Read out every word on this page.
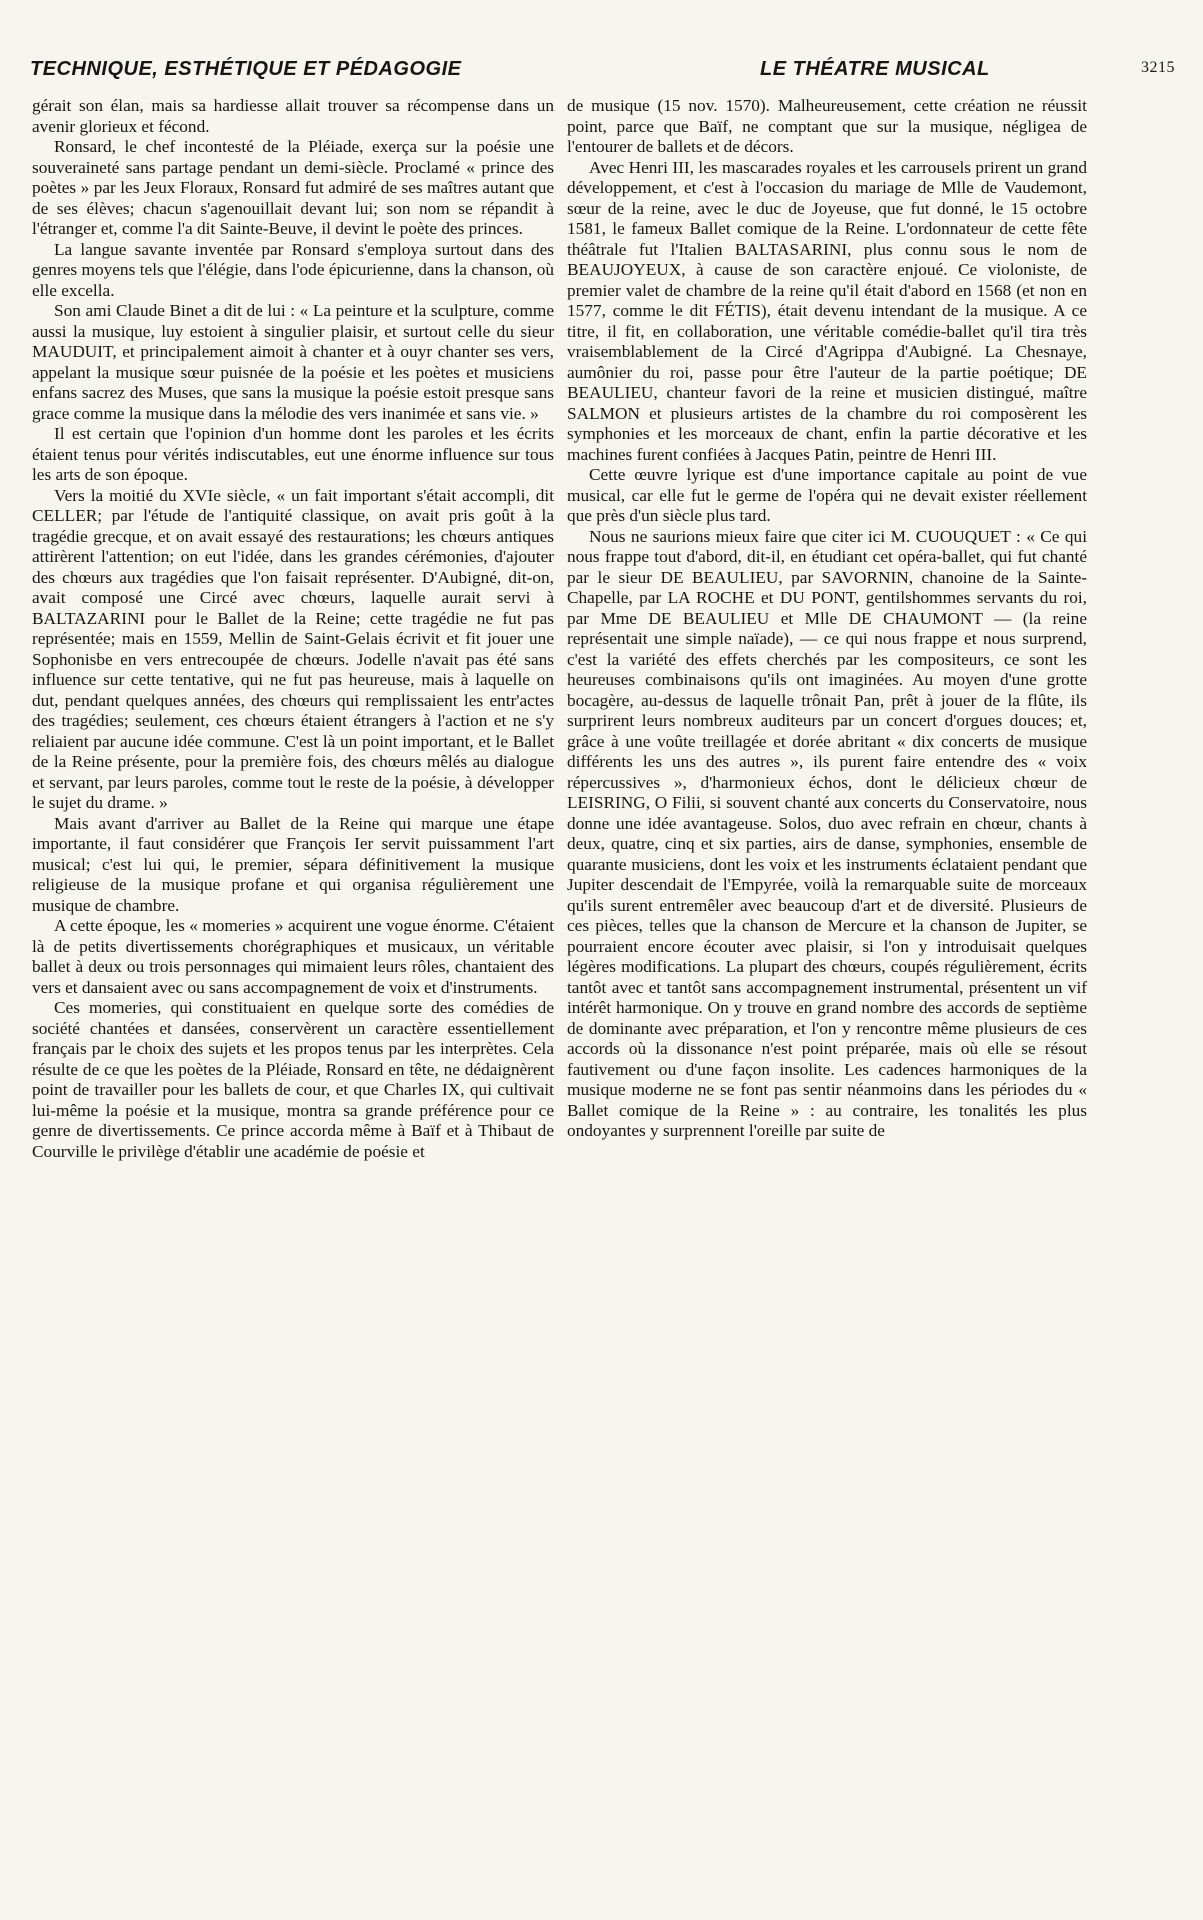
TECHNIQUE, ESTHÉTIQUE ET PÉDAGOGIE	LE THÉATRE MUSICAL	3215

gérait son élan, mais sa hardiesse allait trouver sa récompense dans un avenir glorieux et fécond.

Ronsard, le chef incontesté de la Pléiade, exerça sur la poésie une souveraineté sans partage pendant un demi-siècle. Proclamé « prince des poètes » par les Jeux Floraux, Ronsard fut admiré de ses maîtres autant que de ses élèves; chacun s'agenouillait devant lui; son nom se répandit à l'étranger et, comme l'a dit Sainte-Beuve, il devint le poète des princes.

La langue savante inventée par Ronsard s'employa surtout dans des genres moyens tels que l'élégie, dans l'ode épicurienne, dans la chanson, où elle excella.

Son ami Claude Binet a dit de lui : « La peinture et la sculpture, comme aussi la musique, luy estoient à singulier plaisir, et surtout celle du sieur MAUDUIT, et principalement aimoit à chanter et à ouyr chanter ses vers, appelant la musique sœur puisnée de la poésie et les poètes et musiciens enfans sacrez des Muses, que sans la musique la poésie estoit presque sans grace comme la musique dans la mélodie des vers inanimée et sans vie. »

Il est certain que l'opinion d'un homme dont les paroles et les écrits étaient tenus pour vérités indiscutables, eut une énorme influence sur tous les arts de son époque.

Vers la moitié du XVIe siècle, « un fait important s'était accompli, dit CELLER; par l'étude de l'antiquité classique, on avait pris goût à la tragédie grecque, et on avait essayé des restaurations; les chœurs antiques attirèrent l'attention; on eut l'idée, dans les grandes cérémonies, d'ajouter des chœurs aux tragédies que l'on faisait représenter. D'Aubigné, dit-on, avait composé une Circé avec chœurs, laquelle aurait servi à BALTAZARINI pour le Ballet de la Reine; cette tragédie ne fut pas représentée; mais en 1559, Mellin de Saint-Gelais écrivit et fit jouer une Sophonisbe en vers entrecoupée de chœurs. Jodelle n'avait pas été sans influence sur cette tentative, qui ne fut pas heureuse, mais à laquelle on dut, pendant quelques années, des chœurs qui remplissaient les entr'actes des tragédies; seulement, ces chœurs étaient étrangers à l'action et ne s'y reliaient par aucune idée commune. C'est là un point important, et le Ballet de la Reine présente, pour la première fois, des chœurs mêlés au dialogue et servant, par leurs paroles, comme tout le reste de la poésie, à développer le sujet du drame. »

Mais avant d'arriver au Ballet de la Reine qui marque une étape importante, il faut considérer que François Ier servit puissamment l'art musical; c'est lui qui, le premier, sépara définitivement la musique religieuse de la musique profane et qui organisa régulièrement une musique de chambre.

A cette époque, les « momeries » acquirent une vogue énorme. C'étaient là de petits divertissements chorégraphiques et musicaux, un véritable ballet à deux ou trois personnages qui mimaient leurs rôles, chantaient des vers et dansaient avec ou sans accompagnement de voix et d'instruments.

Ces momeries, qui constituaient en quelque sorte des comédies de société chantées et dansées, conservèrent un caractère essentiellement français par le choix des sujets et les propos tenus par les interprètes. Cela résulte de ce que les poètes de la Pléiade, Ronsard en tête, ne dédaignèrent point de travailler pour les ballets de cour, et que Charles IX, qui cultivait lui-même la poésie et la musique, montra sa grande préférence pour ce genre de divertissements. Ce prince accorda même à Baïf et à Thibaut de Courville le privilège d'établir une académie de poésie et

de musique (15 nov. 1570). Malheureusement, cette création ne réussit point, parce que Baïf, ne comptant que sur la musique, négligea de l'entourer de ballets et de décors.

Avec Henri III, les mascarades royales et les carrousels prirent un grand développement, et c'est à l'occasion du mariage de Mlle de Vaudemont, sœur de la reine, avec le duc de Joyeuse, que fut donné, le 15 octobre 1581, le fameux Ballet comique de la Reine. L'ordonnateur de cette fête théâtrale fut l'Italien BALTASARINI, plus connu sous le nom de BEAUJOYEUX, à cause de son caractère enjoué. Ce violoniste, de premier valet de chambre de la reine qu'il était d'abord en 1568 (et non en 1577, comme le dit FÉTIS), était devenu intendant de la musique. A ce titre, il fit, en collaboration, une véritable comédie-ballet qu'il tira très vraisemblablement de la Circé d'Agrippa d'Aubigné. La Chesnaye, aumônier du roi, passe pour être l'auteur de la partie poétique; DE BEAULIEU, chanteur favori de la reine et musicien distingué, maître SALMON et plusieurs artistes de la chambre du roi composèrent les symphonies et les morceaux de chant, enfin la partie décorative et les machines furent confiées à Jacques Patin, peintre de Henri III.

Cette œuvre lyrique est d'une importance capitale au point de vue musical, car elle fut le germe de l'opéra qui ne devait exister réellement que près d'un siècle plus tard.

Nous ne saurions mieux faire que citer ici M. CUOUQUET : « Ce qui nous frappe tout d'abord, dit-il, en étudiant cet opéra-ballet, qui fut chanté par le sieur DE BEAULIEU, par SAVORNIN, chanoine de la Sainte-Chapelle, par LA ROCHE et DU PONT, gentilshommes servants du roi, par Mme DE BEAULIEU et Mlle DE CHAUMONT — (la reine représentait une simple naïade), — ce qui nous frappe et nous surprend, c'est la variété des effets cherchés par les compositeurs, ce sont les heureuses combinaisons qu'ils ont imaginées. Au moyen d'une grotte bocagère, au-dessus de laquelle trônait Pan, prêt à jouer de la flûte, ils surprirent leurs nombreux auditeurs par un concert d'orgues douces; et, grâce à une voûte treillagée et dorée abritant « dix concerts de musique différents les uns des autres », ils purent faire entendre des « voix répercussives », d'harmonieux échos, dont le délicieux chœur de LEISRING, O Filii, si souvent chanté aux concerts du Conservatoire, nous donne une idée avantageuse. Solos, duo avec refrain en chœur, chants à deux, quatre, cinq et six parties, airs de danse, symphonies, ensemble de quarante musiciens, dont les voix et les instruments éclataient pendant que Jupiter descendait de l'Empyrée, voilà la remarquable suite de morceaux qu'ils surent entremêler avec beaucoup d'art et de diversité. Plusieurs de ces pièces, telles que la chanson de Mercure et la chanson de Jupiter, se pourraient encore écouter avec plaisir, si l'on y introduisait quelques légères modifications. La plupart des chœurs, coupés régulièrement, écrits tantôt avec et tantôt sans accompagnement instrumental, présentent un vif intérêt harmonique. On y trouve en grand nombre des accords de septième de dominante avec préparation, et l'on y rencontre même plusieurs de ces accords où la dissonance n'est point préparée, mais où elle se résout fautivement ou d'une façon insolite. Les cadences harmoniques de la musique moderne ne se font pas sentir néanmoins dans les périodes du « Ballet comique de la Reine » : au contraire, les tonalités les plus ondoyantes y surprennent l'oreille par suite de
